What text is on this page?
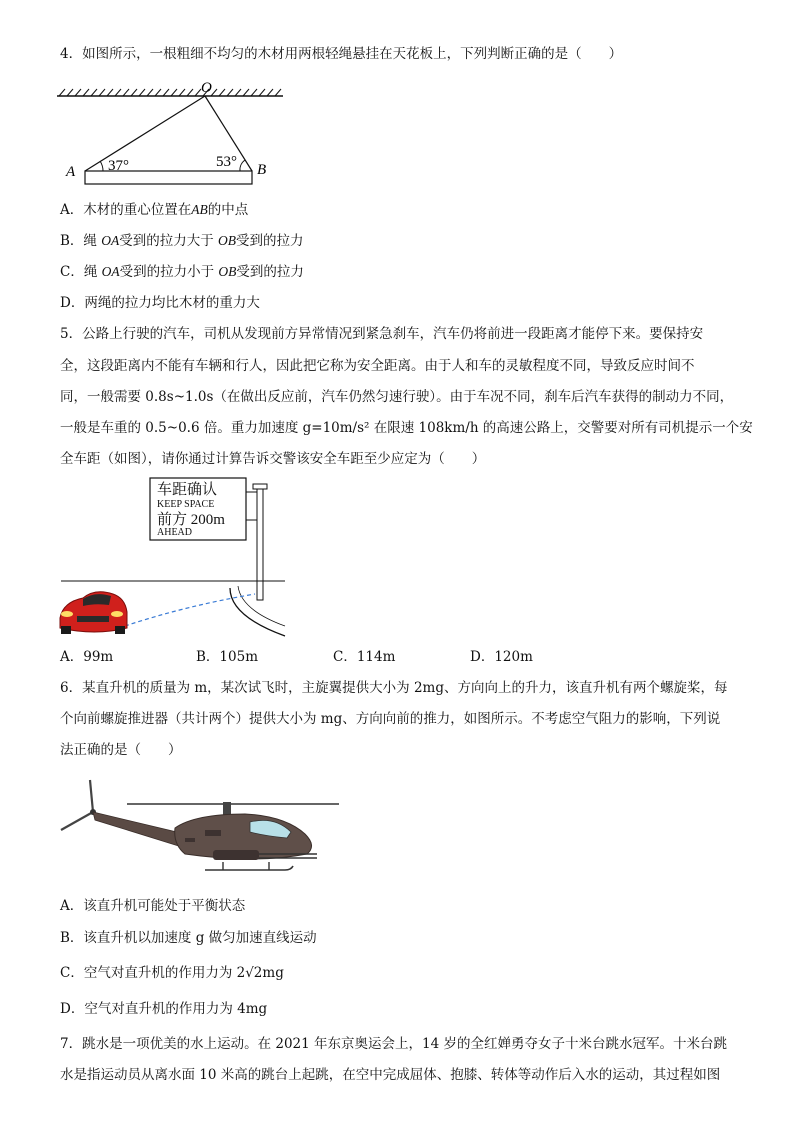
4．如图所示，一根粗细不均匀的木材用两根轻绳悬挂在天花板上，下列判断正确的是（　　）
O
A	B
37°	53°
A．木材的重心位置在AB的中点
B．绳 OA受到的拉力大于 OB受到的拉力
C．绳 OA受到的拉力小于 OB受到的拉力
D．两绳的拉力均比木材的重力大
5．公路上行驶的汽车，司机从发现前方异常情况到紧急刹车，汽车仍将前进一段距离才能停下来。要保持安
全，这段距离内不能有车辆和行人，因此把它称为安全距离。由于人和车的灵敏程度不同，导致反应时间不
同，一般需要 0.8s~1.0s（在做出反应前，汽车仍然匀速行驶）。由于车况不同，刹车后汽车获得的制动力不同，
一般是车重的 0.5~0.6 倍。重力加速度 g=10m/s² 在限速 108km/h 的高速公路上，交警要对所有司机提示一个安
全车距（如图），请你通过计算告诉交警该安全车距至少应定为（　　）
车距确认
KEEP SPACE
前方 200m
AHEAD
A．99m	B．105m	C．114m	D．120m
6．某直升机的质量为 m，某次试飞时，主旋翼提供大小为 2mg、方向向上的升力，该直升机有两个螺旋桨，每
个向前螺旋推进器（共计两个）提供大小为 mg、方向向前的推力，如图所示。不考虑空气阻力的影响，下列说
法正确的是（　　）
A．该直升机可能处于平衡状态
B．该直升机以加速度 g 做匀加速直线运动
C．空气对直升机的作用力为 2√2mg
D．空气对直升机的作用力为 4mg
7．跳水是一项优美的水上运动。在 2021 年东京奥运会上，14 岁的全红婵勇夺女子十米台跳水冠军。十米台跳
水是指运动员从离水面 10 米高的跳台上起跳，在空中完成屈体、抱膝、转体等动作后入水的运动，其过程如图
